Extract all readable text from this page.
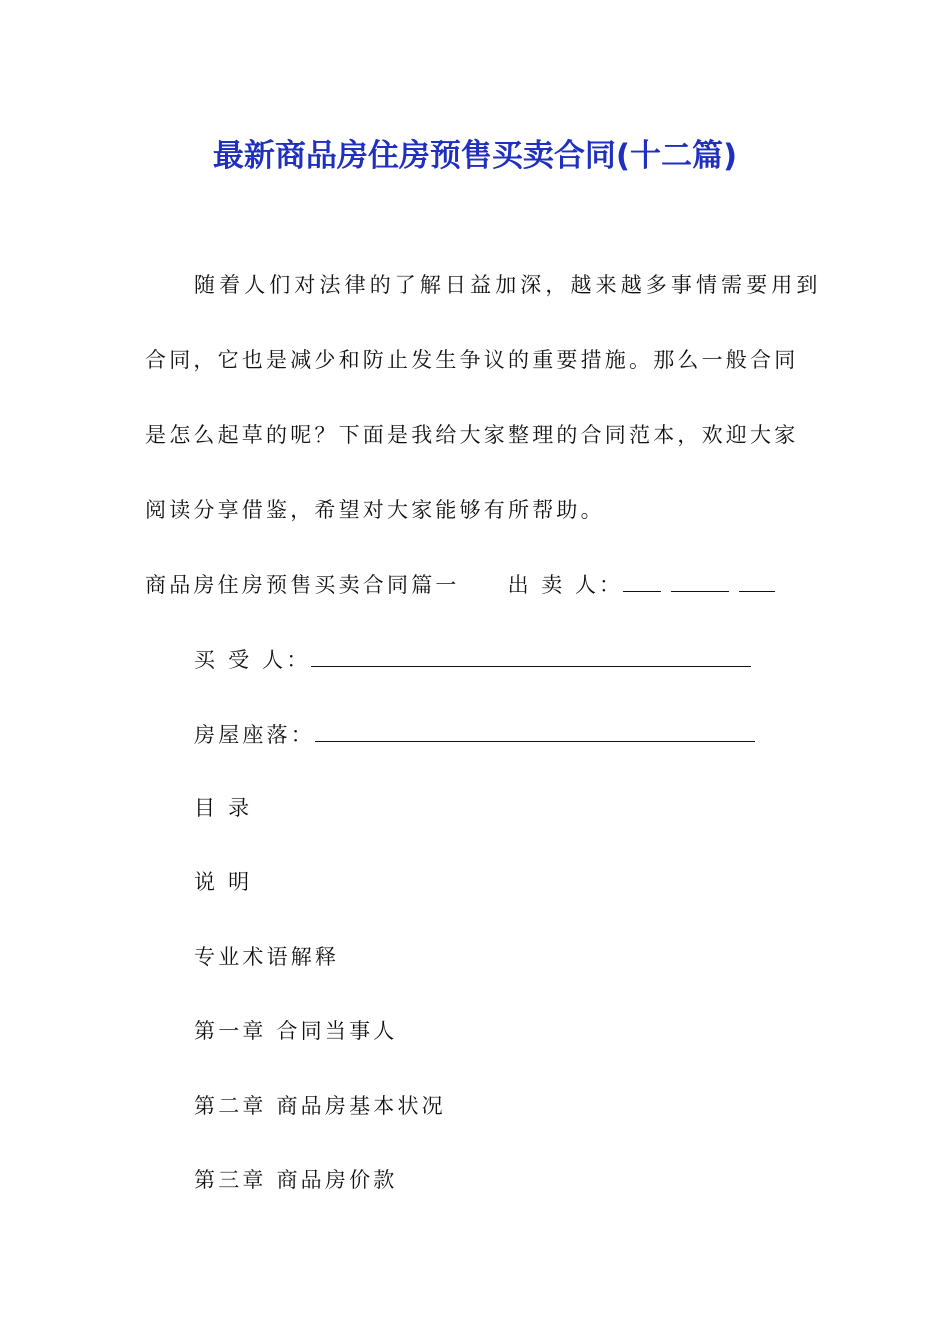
最新商品房住房预售买卖合同(十二篇)
随着人们对法律的了解日益加深，越来越多事情需要用到
合同，它也是减少和防止发生争议的重要措施。那么一般合同
是怎么起草的呢？下面是我给大家整理的合同范本，欢迎大家
阅读分享借鉴，希望对大家能够有所帮助。
商品房住房预售买卖合同篇一 出 卖 人：
买 受 人：
房屋座落：
目 录
说 明
专业术语解释
第一章 合同当事人
第二章 商品房基本状况
第三章 商品房价款
